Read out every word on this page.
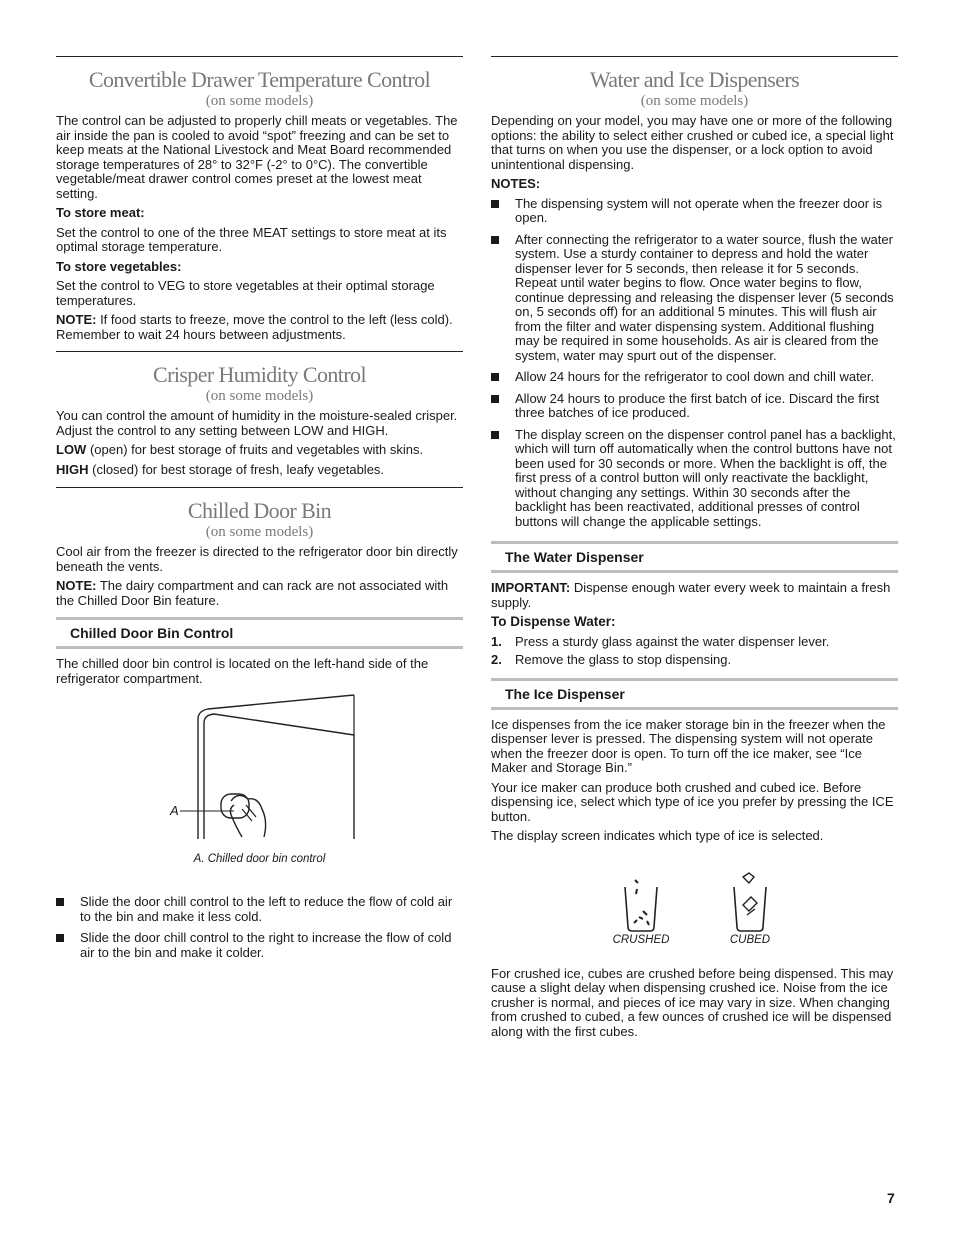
Convertible Drawer Temperature Control
(on some models)

The control can be adjusted to properly chill meats or vegetables. The air inside the pan is cooled to avoid “spot” freezing and can be set to keep meats at the National Livestock and Meat Board recommended storage temperatures of 28° to 32°F (-2° to 0°C). The convertible vegetable/meat drawer control comes preset at the lowest meat setting.

To store meat:

Set the control to one of the three MEAT settings to store meat at its optimal storage temperature.

To store vegetables:

Set the control to VEG to store vegetables at their optimal storage temperatures.

NOTE: If food starts to freeze, move the control to the left (less cold). Remember to wait 24 hours between adjustments.

Crisper Humidity Control
(on some models)

You can control the amount of humidity in the moisture-sealed crisper. Adjust the control to any setting between LOW and HIGH.

LOW (open) for best storage of fruits and vegetables with skins.

HIGH (closed) for best storage of fresh, leafy vegetables.

Chilled Door Bin
(on some models)

Cool air from the freezer is directed to the refrigerator door bin directly beneath the vents.

NOTE: The dairy compartment and can rack are not associated with the Chilled Door Bin feature.

Chilled Door Bin Control

The chilled door bin control is located on the left-hand side of the refrigerator compartment.

A
A. Chilled door bin control
Slide the door chill control to the left to reduce the flow of cold air to the bin and make it less cold.
Slide the door chill control to the right to increase the flow of cold air to the bin and make it colder.
Water and Ice Dispensers
(on some models)

Depending on your model, you may have one or more of the following options: the ability to select either crushed or cubed ice, a special light that turns on when you use the dispenser, or a lock option to avoid unintentional dispensing.

NOTES:
The dispensing system will not operate when the freezer door is open.
After connecting the refrigerator to a water source, flush the water system. Use a sturdy container to depress and hold the water dispenser lever for 5 seconds, then release it for 5 seconds. Repeat until water begins to flow. Once water begins to flow, continue depressing and releasing the dispenser lever (5 seconds on, 5 seconds off) for an additional 5 minutes. This will flush air from the filter and water dispensing system. Additional flushing may be required in some households. As air is cleared from the system, water may spurt out of the dispenser.
Allow 24 hours for the refrigerator to cool down and chill water.
Allow 24 hours to produce the first batch of ice. Discard the first three batches of ice produced.
The display screen on the dispenser control panel has a backlight, which will turn off automatically when the control buttons have not been used for 30 seconds or more. When the backlight is off, the first press of a control button will only reactivate the backlight, without changing any settings. Within 30 seconds after the backlight has been reactivated, additional presses of control buttons will change the applicable settings.
The Water Dispenser

IMPORTANT: Dispense enough water every week to maintain a fresh supply.

To Dispense Water:
1. Press a sturdy glass against the water dispenser lever.
2. Remove the glass to stop dispensing.
The Ice Dispenser

Ice dispenses from the ice maker storage bin in the freezer when the dispenser lever is pressed. The dispensing system will not operate when the freezer door is open. To turn off the ice maker, see “Ice Maker and Storage Bin.”

Your ice maker can produce both crushed and cubed ice. Before dispensing ice, select which type of ice you prefer by pressing the ICE button.

The display screen indicates which type of ice is selected.

CRUSHED	CUBED

For crushed ice, cubes are crushed before being dispensed. This may cause a slight delay when dispensing crushed ice. Noise from the ice crusher is normal, and pieces of ice may vary in size. When changing from crushed to cubed, a few ounces of crushed ice will be dispensed along with the first cubes.

7
